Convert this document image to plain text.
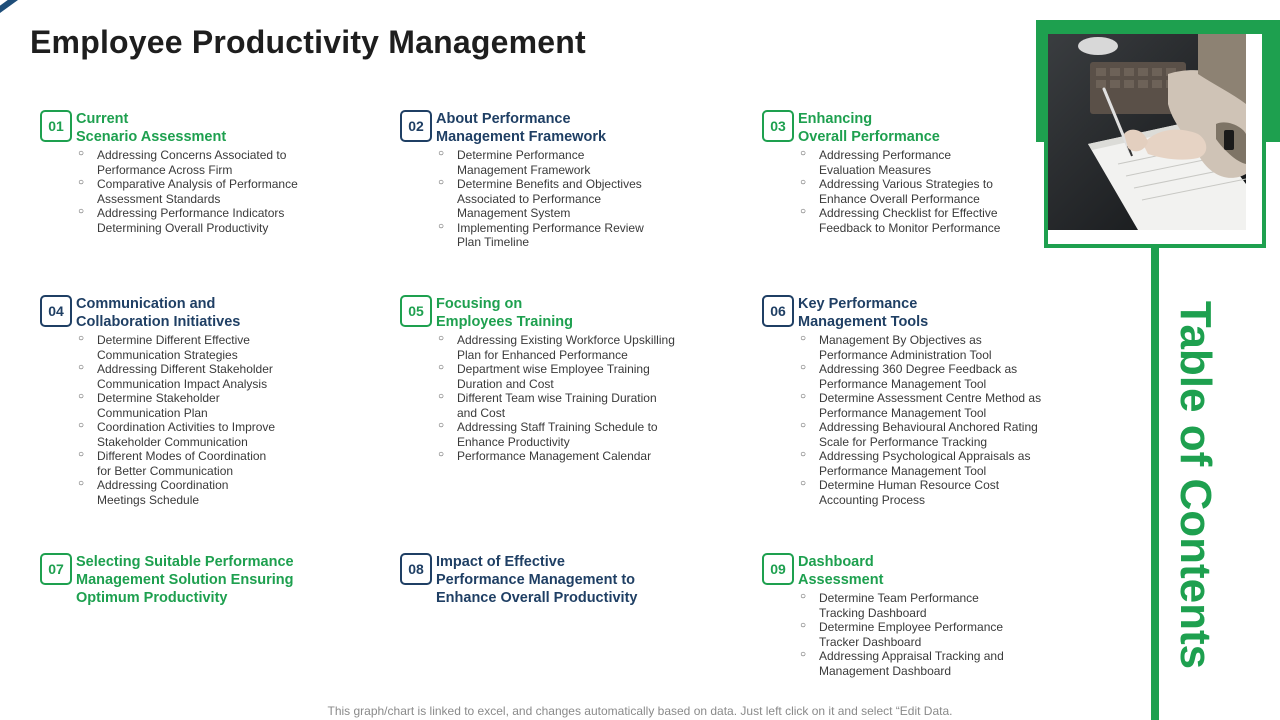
Employee Productivity Management
01 Current
Scenario Assessment
○ Addressing Concerns Associated to
Performance Across Firm
○ Comparative Analysis of Performance
Assessment Standards
○ Addressing Performance Indicators
Determining Overall Productivity
02 About Performance
Management Framework
○ Determine Performance
Management Framework
○ Determine Benefits and Objectives
Associated to Performance
Management System
○ Implementing Performance Review
Plan Timeline
03 Enhancing
Overall Performance
○ Addressing Performance
Evaluation Measures
○ Addressing Various Strategies to
Enhance Overall Performance
○ Addressing Checklist for Effective
Feedback to Monitor Performance
04 Communication and
Collaboration Initiatives
○ Determine Different Effective
Communication Strategies
○ Addressing Different Stakeholder
Communication Impact Analysis
○ Determine Stakeholder
Communication Plan
○ Coordination Activities to Improve
Stakeholder Communication
○ Different Modes of Coordination
for Better Communication
○ Addressing Coordination
Meetings Schedule
05 Focusing on
Employees Training
○ Addressing Existing Workforce Upskilling
Plan for Enhanced Performance
○ Department wise Employee Training
Duration and Cost
○ Different Team wise Training Duration
and Cost
○ Addressing Staff Training Schedule to
Enhance Productivity
○ Performance Management Calendar
06 Key Performance
Management Tools
○ Management By Objectives as
Performance Administration Tool
○ Addressing 360 Degree Feedback as
Performance Management Tool
○ Determine Assessment Centre Method as
Performance Management Tool
○ Addressing Behavioural Anchored Rating
Scale for Performance Tracking
○ Addressing Psychological Appraisals as
Performance Management Tool
○ Determine Human Resource Cost
Accounting Process
07 Selecting Suitable Performance
Management Solution Ensuring
Optimum Productivity
08 Impact of Effective
Performance Management to
Enhance Overall Productivity
09 Dashboard
Assessment
○ Determine Team Performance
Tracking Dashboard
○ Determine Employee Performance
Tracker Dashboard
○ Addressing Appraisal Tracking and
Management Dashboard
Table of Contents
This graph/chart is linked to excel, and changes automatically based on data. Just left click on it and select “Edit Data.
